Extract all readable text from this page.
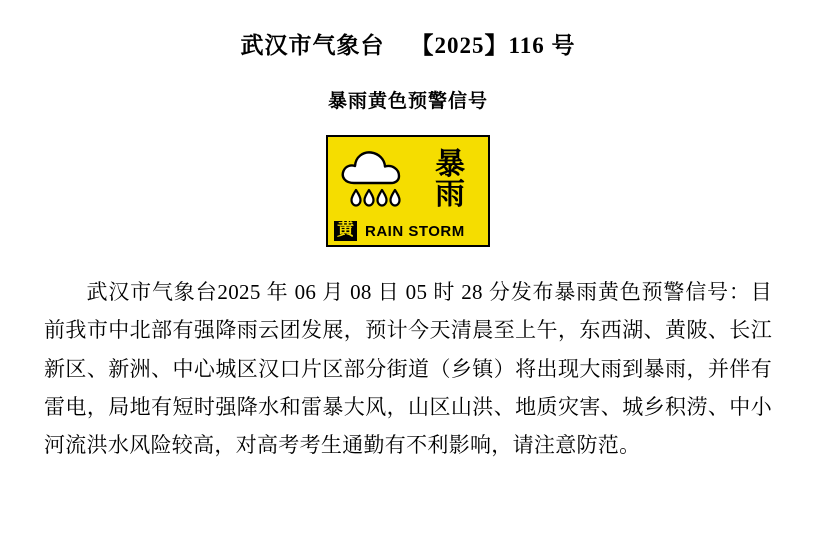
武汉市气象台 【2025】116 号
暴雨黄色预警信号
暴
雨
黄 RAIN STORM
武汉市气象台2025 年 06 月 08 日 05 时 28 分发布暴雨黄色预警信号：目前我市中北部有强降雨云团发展，预计今天清晨至上午，东西湖、黄陂、长江新区、新洲、中心城区汉口片区部分街道（乡镇）将出现大雨到暴雨，并伴有雷电，局地有短时强降水和雷暴大风，山区山洪、地质灾害、城乡积涝、中小河流洪水风险较高，对高考考生通勤有不利影响，请注意防范。
